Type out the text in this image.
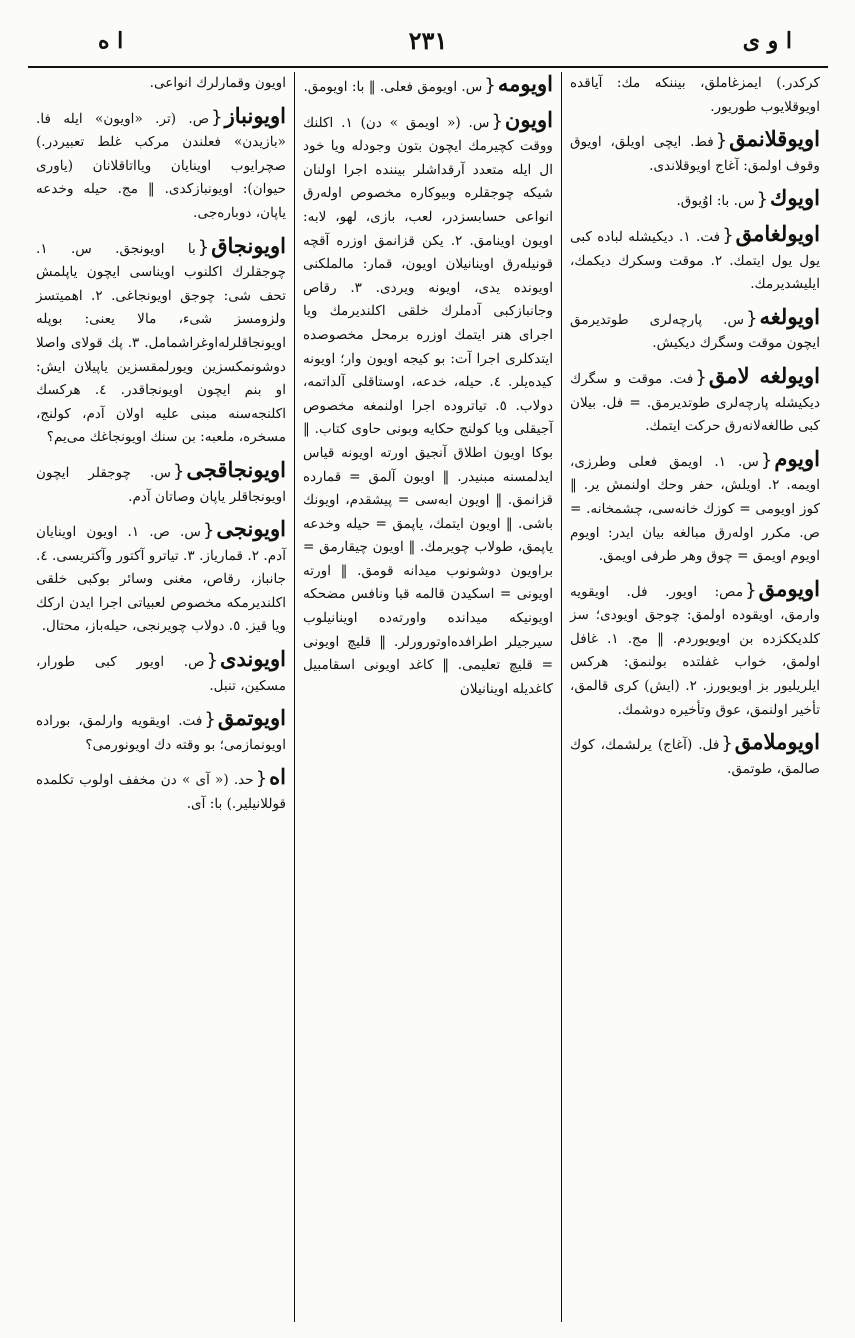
ا و ی
۲۳۱
ا ه
کرکدر.) ایمزغاملق، بیننکه مك: آیاقده اویوقلایوب طوریور.
اویوقلانمق{فط. ایچی اویلق، اویوق وقوف اولمق: آغاج اویوقلاندی.
اویوك{س. با: اوُیوق.
اویولغامق{فت. ۱. دیکیشله لباده کبی یول یول ایتمك. ۲. موقت وسکرك دیکمك، ایلیشدیرمك.
اویولغه{س. پارچه‌لری طوتدیرمق ایچون موقت وسگرك دیکیش.
اویولغه لامق{فت. موقت و سگرك دیکیشله پارچه‌لری طوتدیرمق. = فل. بیلان کبی طالغه‌لانه‌رق حرکت ایتمك.
اویوم{س. ۱. اویمق فعلی وطرزی، اویمه. ۲. اویلش، حفر وحك اولنمش یر. ‖ کوز اویومی = کوزك خانه‌سی، چشمخانه. = ص. مکرر اوله‌رق مبالغه بیان ایدر: اویوم اویوم اویمق = چوق وهر طرفی اویمق.
اویومق{مص: اویور. فل. اویقویه وارمق، اویقوده اولمق: چوجق اویودی؛ سز کلدیککزده بن اویویوردم. ‖ مج. ۱. غافل اولمق، خواب غفلتده بولنمق: هرکس ایلریلیور بز اویویورز. ۲. (ایش) کری قالمق، تأخیر اولنمق، عوق وتأخیره دوشمك.
اویوملامق{فل. (آغاج) یرلشمك، کوك صالمق، طوتمق.
اویومه{س. اویومق فعلی. ‖ با: اویومق.
اویون{س. (« اویمق » دن) ۱. اکلنك ووقت کچیرمك ایچون بتون وجودله ویا خود ال ایله متعدد آرقداشلر بیننده اجرا اولنان شیکه چوجقلره وبیوکاره مخصوص اوله‌رق انواعی حسابسزدر، لعب، بازی، لهو، لابه: اویون اوینامق. ۲. یکن قزانمق اوزره آقچه قونیله‌رق اوینانیلان اویون، قمار: مالملکنی اویونده یدی، اویونه ویردی. ۳. رقاص وجانبازکبی آدملرك خلقی اکلندیرمك ویا اجرای هنر ایتمك اوزره برمحل مخصوصده ایتدکلری اجرا آت: بو کیجه اویون وار؛ اویونه کیده‌یلر. ٤. حیله، خدعه، اوستاقلی آلداتمه، دولاب. ٥. تیاتروده اجرا اولنمغه مخصوص آجیقلی ویا کولنج حکایه وبونی حاوی کتاب. ‖ بوکا اویون اطلاق آنجیق اورته اویونه قیاس ایدلمسنه مبنیدر. ‖ اویون آلمق = قمارده قزانمق. ‖ اویون ابه‌سی = پیشقدم، اویونك باشی. ‖ اویون ایتمك، یاپمق = حیله وخدعه یاپمق، طولاب چویرمك. ‖ اویون چیقارمق = براویون دوشونوب میدانه قومق. ‖ اورته اویونی = اسکیدن قالمه قبا ونافس مضحکه اویونیکه میدانده واورته‌ده اوینانیلوب سیرجیلر اطرافده‌اوتورورلر. ‖ قلیچ اویونی = قلیچ تعلیمی. ‖ کاغد اویونی اسقامبیل کاغدیله اوینانیلان
اویون وقمارلرك انواعی.
اویونباز{ص. (تر. «اویون» ایله فا. «بازیدن» فعلندن مرکب غلط تعبیردر.) صچرایوب اوینایان ویااتاقلانان (یاوری حیوان): اویونبازکدی. ‖ مج. حیله وخدعه یاپان، دوباره‌جی.
اویونجاق{با اویونجق. س. ۱. چوجقلرك اکلنوب اویناسی ایچون یاپلمش تحف شی: چوجق اویونجاغی. ۲. اهمیتسز ولزومسز شیء، مالا یعنی: بوپله اویونجاقلرله‌اوغراشمامل. ۳. پك قولای واصلا دوشونمکسزین ویورلمقسزین یاپیلان ایش: او بنم ایچون اویونجاقدر. ٤. هرکسك اکلنجه‌سنه مبنی علیه اولان آدم، کولنج، مسخره، ملعبه: بن سنك اویونجاغك می‌یم؟
اویونجاقجی{س. چوجقلر ایچون اویونجاقلر یاپان وصاتان آدم.
اویونجی{س. ص. ۱. اویون اوینایان آدم. ۲. قماریاز. ۳. تیاترو آکتور وآکتریسی. ٤. جانباز، رقاص، مغنی وسائر بوکبی خلقی اکلندیرمکه مخصوص لعبیاتی اجرا ایدن ارکك ویا قیز. ٥. دولاب چویرنجی، حیله‌باز، محتال.
اویوندی{ص. اویور کبی طورار، مسکین، تنبل.
اویوتمق{فت. اویقویه وارلمق، بوراده اویونمازمی؛ بو وقته دك اویونورمی؟
اه{حد. (« آی » دن مخفف اولوب تکلمده قوللانیلیر.) با: آی.
